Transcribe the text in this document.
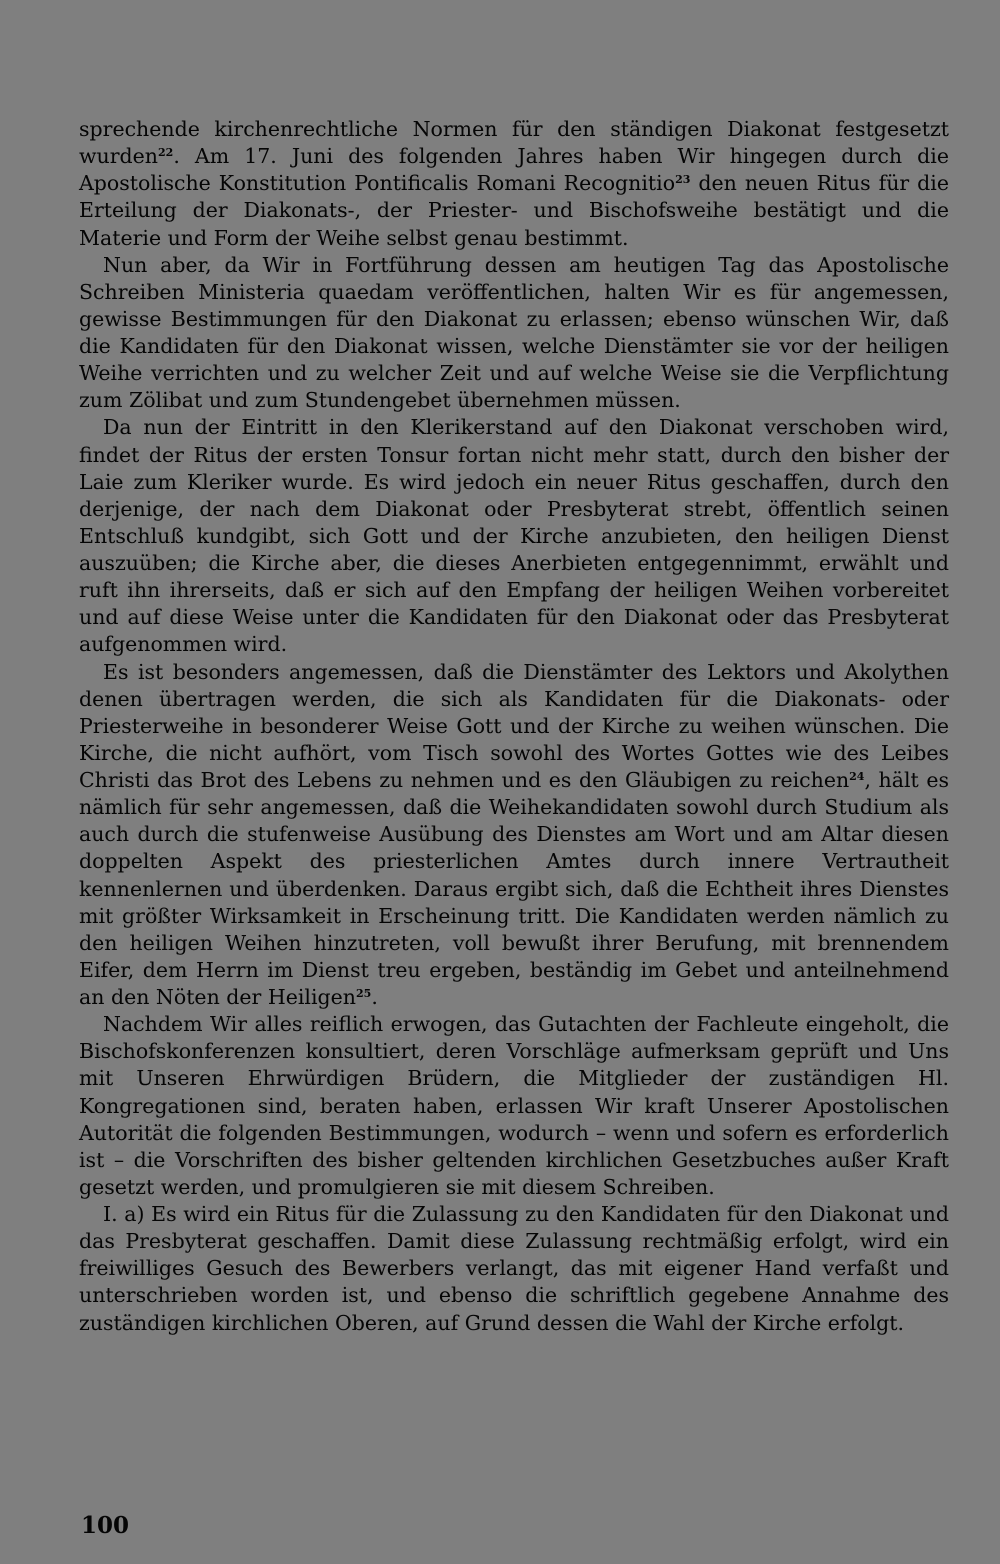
sprechende kirchenrechtliche Normen für den ständigen Diakonat festgesetzt wurden$^{22}$. Am 17. Juni des folgenden Jahres haben Wir hingegen durch die Apostolische Konstitution Pontificalis Romani Recognitio$^{23}$ den neuen Ritus für die Erteilung der Diakonats-, der Priester- und Bischofsweihe bestätigt und die Materie und Form der Weihe selbst genau bestimmt.

Nun aber, da Wir in Fortführung dessen am heutigen Tag das Apostolische Schreiben Ministeria quaedam veröffentlichen, halten Wir es für angemessen, gewisse Bestimmungen für den Diakonat zu erlassen; ebenso wünschen Wir, daß die Kandidaten für den Diakonat wissen, welche Dienstämter sie vor der heiligen Weihe verrichten und zu welcher Zeit und auf welche Weise sie die Verpflichtung zum Zölibat und zum Stundengebet übernehmen müssen.

Da nun der Eintritt in den Klerikerstand auf den Diakonat verschoben wird, findet der Ritus der ersten Tonsur fortan nicht mehr statt, durch den bisher der Laie zum Kleriker wurde. Es wird jedoch ein neuer Ritus geschaffen, durch den derjenige, der nach dem Diakonat oder Presbyterat strebt, öffentlich seinen Entschluß kundgibt, sich Gott und der Kirche anzubieten, den heiligen Dienst auszuüben; die Kirche aber, die dieses Anerbieten entgegennimmt, erwählt und ruft ihn ihrerseits, daß er sich auf den Empfang der heiligen Weihen vorbereitet und auf diese Weise unter die Kandidaten für den Diakonat oder das Presbyterat aufgenommen wird.

Es ist besonders angemessen, daß die Dienstämter des Lektors und Akolythen denen übertragen werden, die sich als Kandidaten für die Diakonats- oder Priesterweihe in besonderer Weise Gott und der Kirche zu weihen wünschen. Die Kirche, die nicht aufhört, vom Tisch sowohl des Wortes Gottes wie des Leibes Christi das Brot des Lebens zu nehmen und es den Gläubigen zu reichen$^{24}$, hält es nämlich für sehr angemessen, daß die Weihekandidaten sowohl durch Studium als auch durch die stufenweise Ausübung des Dienstes am Wort und am Altar diesen doppelten Aspekt des priesterlichen Amtes durch innere Vertrautheit kennenlernen und überdenken. Daraus ergibt sich, daß die Echtheit ihres Dienstes mit größter Wirksamkeit in Erscheinung tritt. Die Kandidaten werden nämlich zu den heiligen Weihen hinzutreten, voll bewußt ihrer Berufung, mit brennendem Eifer, dem Herrn im Dienst treu ergeben, beständig im Gebet und anteilnehmend an den Nöten der Heiligen$^{25}$.

Nachdem Wir alles reiflich erwogen, das Gutachten der Fachleute eingeholt, die Bischofskonferenzen konsultiert, deren Vorschläge aufmerksam geprüft und Uns mit Unseren Ehrwürdigen Brüdern, die Mitglieder der zuständigen Hl. Kongregationen sind, beraten haben, erlassen Wir kraft Unserer Apostolischen Autorität die folgenden Bestimmungen, wodurch – wenn und sofern es erforderlich ist – die Vorschriften des bisher geltenden kirchlichen Gesetzbuches außer Kraft gesetzt werden, und promulgieren sie mit diesem Schreiben.

I. a) Es wird ein Ritus für die Zulassung zu den Kandidaten für den Diakonat und das Presbyterat geschaffen. Damit diese Zulassung rechtmäßig erfolgt, wird ein freiwilliges Gesuch des Bewerbers verlangt, das mit eigener Hand verfaßt und unterschrieben worden ist, und ebenso die schriftlich gegebene Annahme des zuständigen kirchlichen Oberen, auf Grund dessen die Wahl der Kirche erfolgt.

100
